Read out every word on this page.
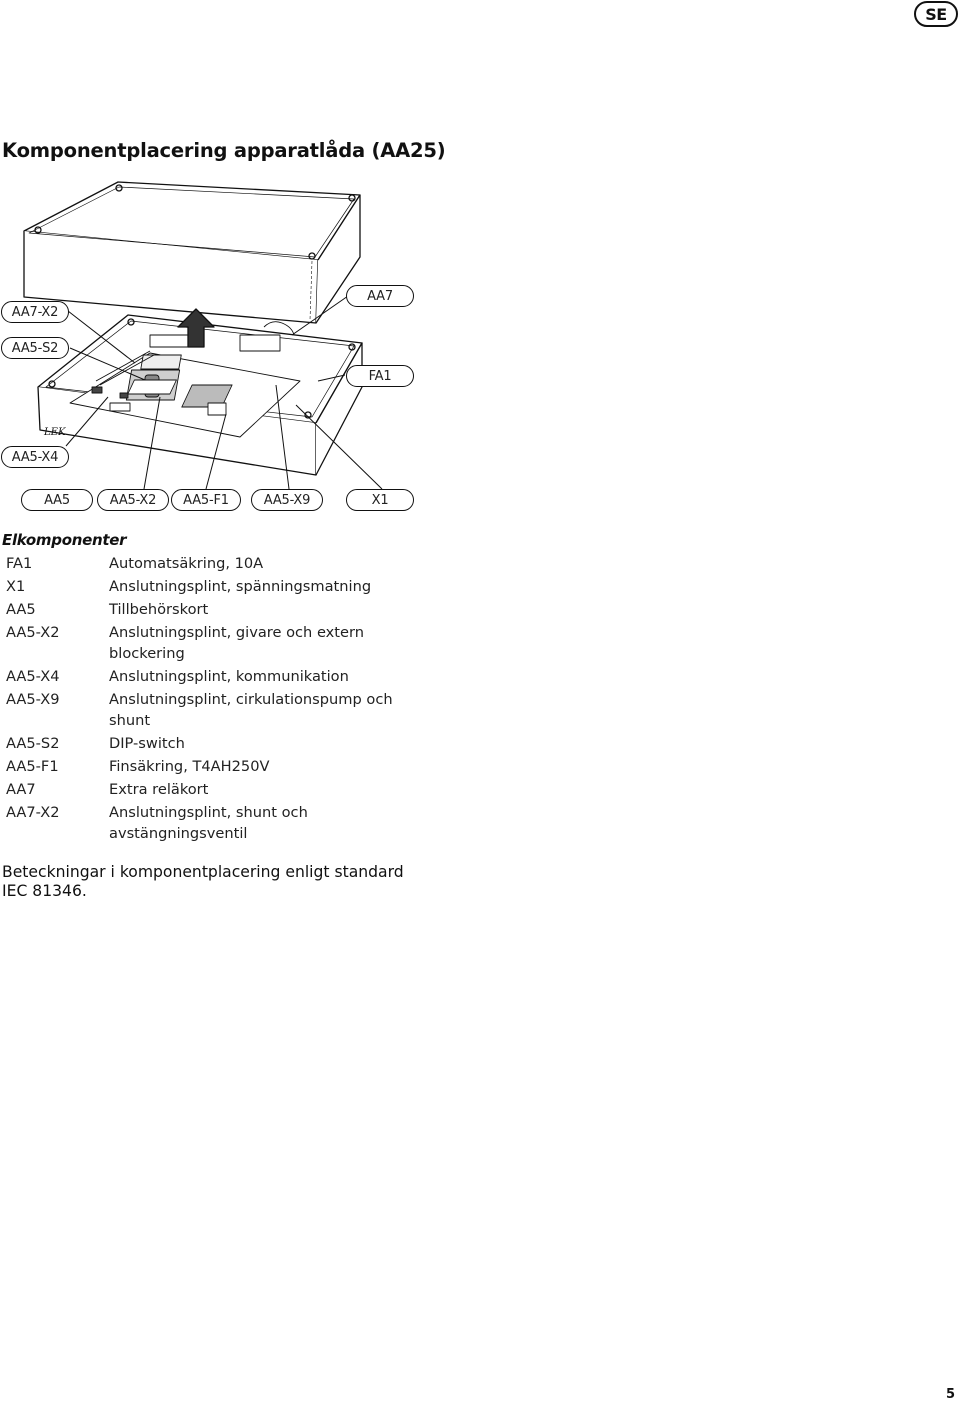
SE
Komponentplacering apparatlåda (AA25)
LEK
AA7-X2
AA5-S2
AA7
FA1
AA5-X4
AA5	AA5-X2	AA5-F1	AA5-X9	X1
Elkomponenter
FA1	Automatsäkring, 10A
X1	Anslutningsplint, spänningsmatning
AA5	Tillbehörskort
AA5-X2	Anslutningsplint, givare och extern blockering
AA5-X4	Anslutningsplint, kommunikation
AA5-X9	Anslutningsplint, cirkulationspump och shunt
AA5-S2	DIP-switch
AA5-F1	Finsäkring, T4AH250V
AA7	Extra reläkort
AA7-X2	Anslutningsplint, shunt och avstängningsventil

Beteckningar i komponentplacering enligt standard IEC 81346.

5
